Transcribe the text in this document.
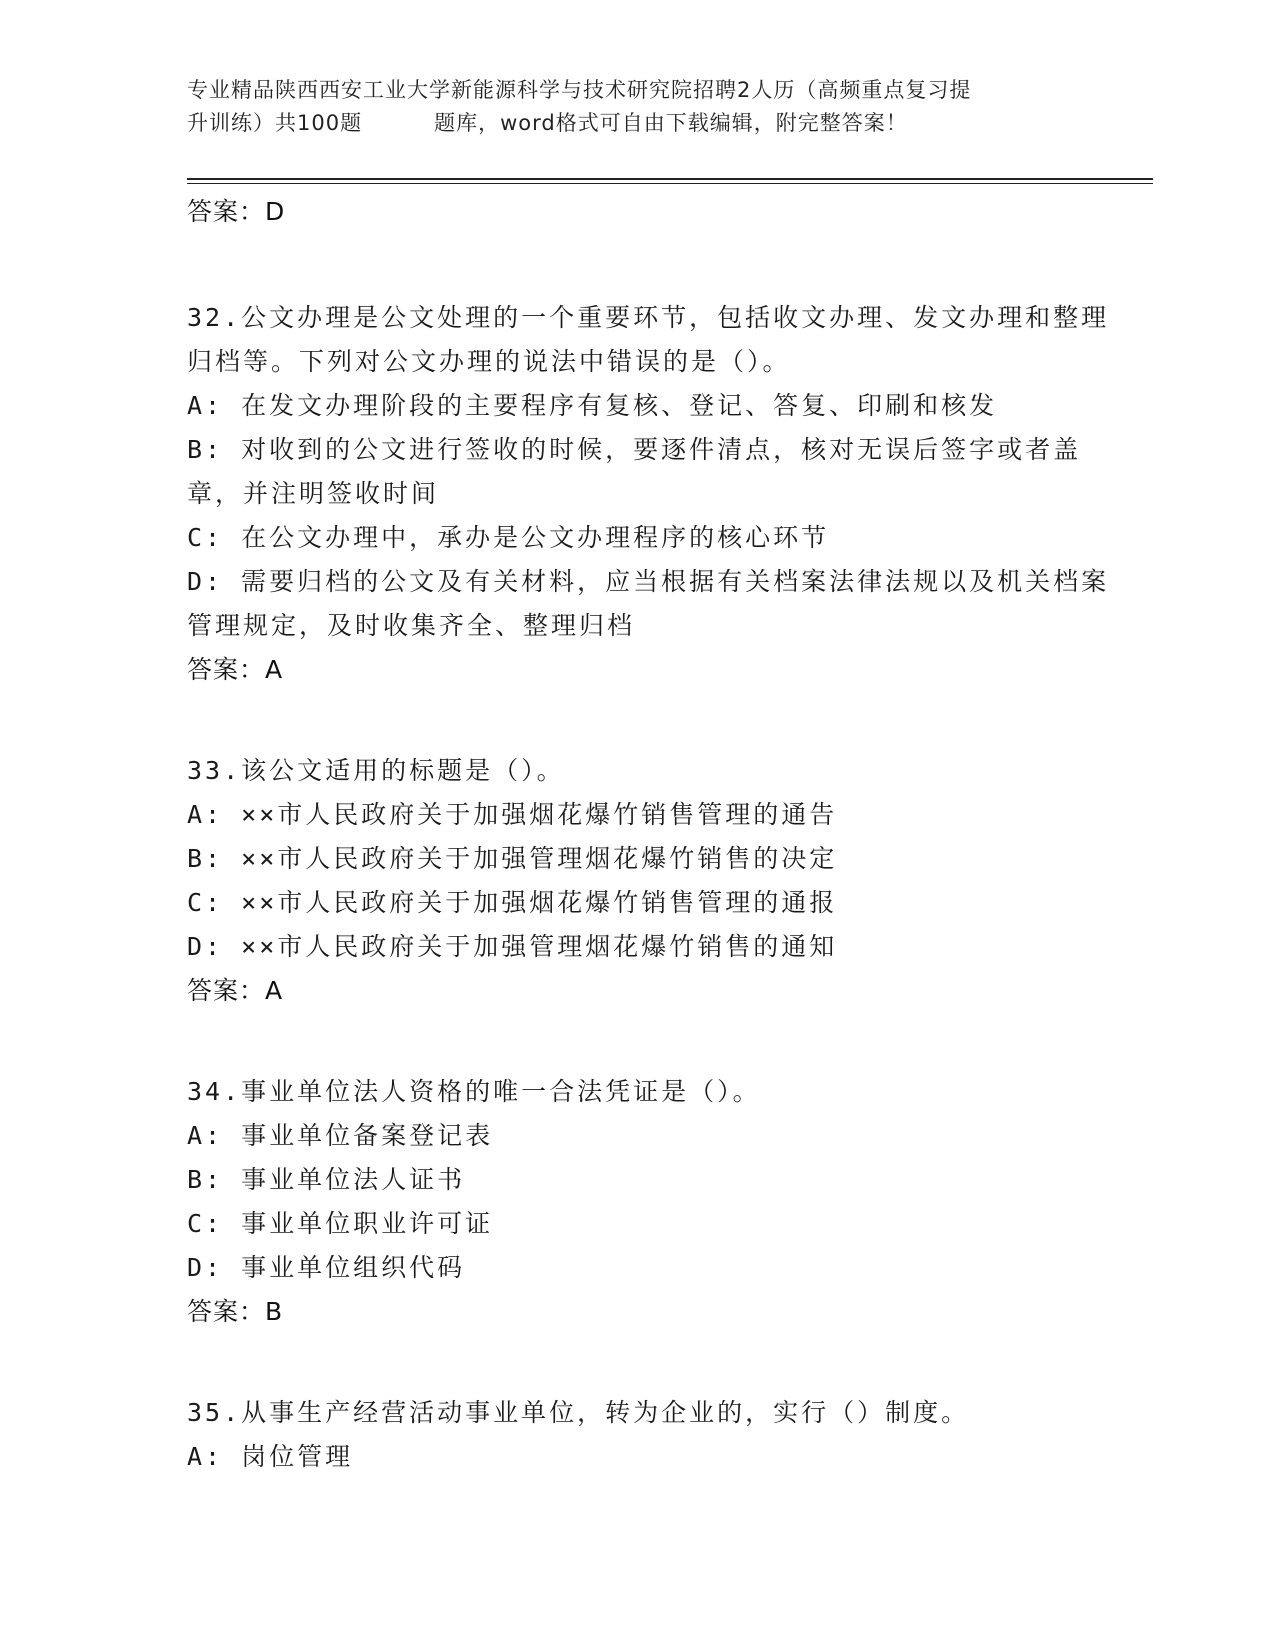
专业精品陕西西安工业大学新能源科学与技术研究院招聘2人历（高频重点复习提
升训练）共100题	题库，word格式可自由下载编辑，附完整答案！
答案：D

32.公文办理是公文处理的一个重要环节，包括收文办理、发文办理和整理归档等。下列对公文办理的说法中错误的是（）。

A: 在发文办理阶段的主要程序有复核、登记、答复、印刷和核发

B: 对收到的公文进行签收的时候，要逐件清点，核对无误后签字或者盖章，并注明签收时间

C: 在公文办理中，承办是公文办理程序的核心环节

D: 需要归档的公文及有关材料，应当根据有关档案法律法规以及机关档案管理规定，及时收集齐全、整理归档

答案：A

33.该公文适用的标题是（）。

A: ××市人民政府关于加强烟花爆竹销售管理的通告

B: ××市人民政府关于加强管理烟花爆竹销售的决定

C: ××市人民政府关于加强烟花爆竹销售管理的通报

D: ××市人民政府关于加强管理烟花爆竹销售的通知

答案：A

34.事业单位法人资格的唯一合法凭证是（）。

A: 事业单位备案登记表

B: 事业单位法人证书

C: 事业单位职业许可证

D: 事业单位组织代码

答案：B

35.从事生产经营活动事业单位，转为企业的，实行（）制度。

A: 岗位管理
